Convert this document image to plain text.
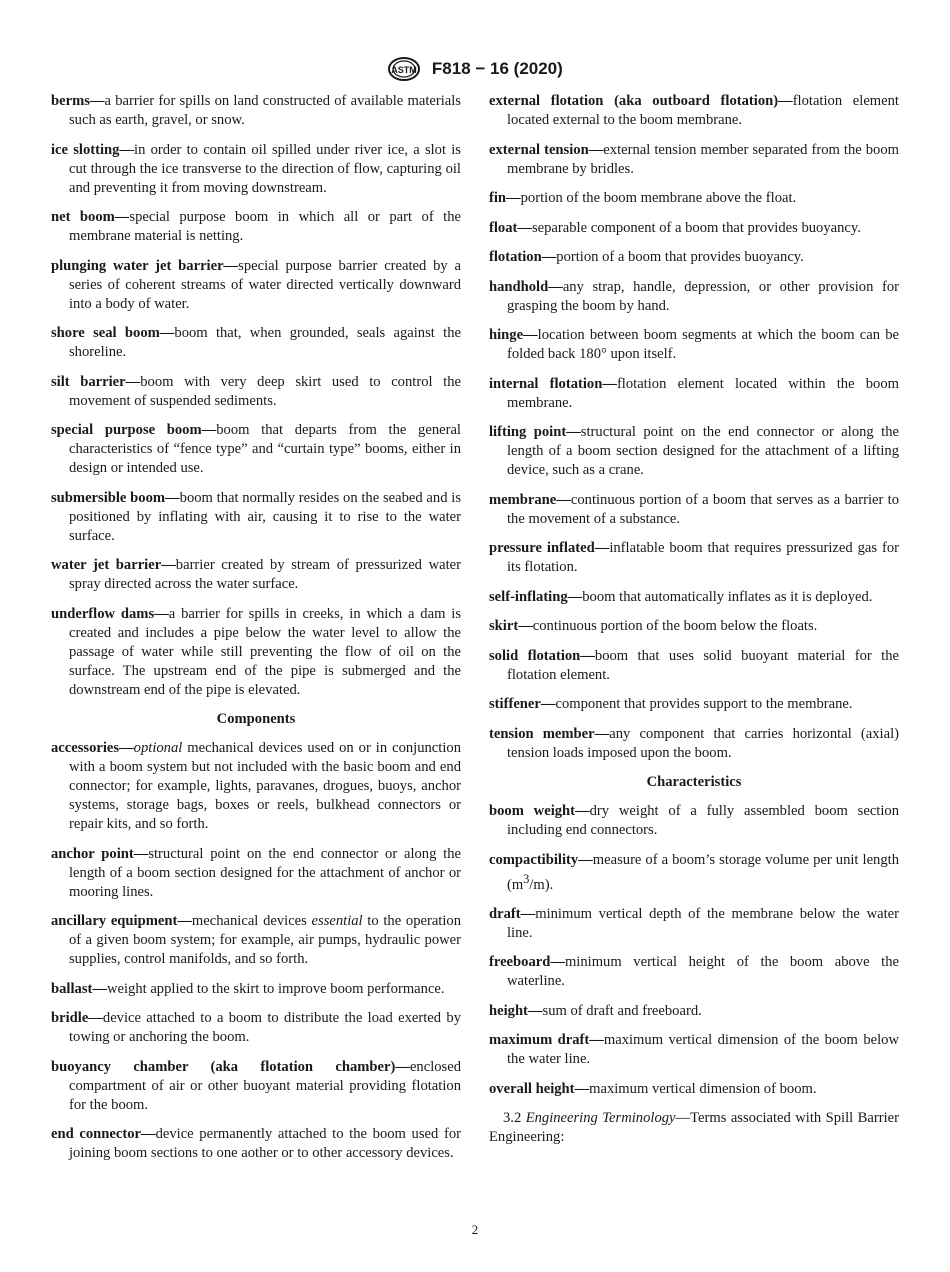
ASTM F818 − 16 (2020)

berms—a barrier for spills on land constructed of available materials such as earth, gravel, or snow.

ice slotting—in order to contain oil spilled under river ice, a slot is cut through the ice transverse to the direction of flow, capturing oil and preventing it from moving downstream.

net boom—special purpose boom in which all or part of the membrane material is netting.

plunging water jet barrier—special purpose barrier created by a series of coherent streams of water directed vertically downward into a body of water.

shore seal boom—boom that, when grounded, seals against the shoreline.

silt barrier—boom with very deep skirt used to control the movement of suspended sediments.

special purpose boom—boom that departs from the general characteristics of “fence type” and “curtain type” booms, either in design or intended use.

submersible boom—boom that normally resides on the seabed and is positioned by inflating with air, causing it to rise to the water surface.

water jet barrier—barrier created by stream of pressurized water spray directed across the water surface.

underflow dams—a barrier for spills in creeks, in which a dam is created and includes a pipe below the water level to allow the passage of water while still preventing the flow of oil on the surface. The upstream end of the pipe is submerged and the downstream end of the pipe is elevated.

Components

accessories—optional mechanical devices used on or in conjunction with a boom system but not included with the basic boom and end connector; for example, lights, paravanes, drogues, buoys, anchor systems, storage bags, boxes or reels, bulkhead connectors or repair kits, and so forth.

anchor point—structural point on the end connector or along the length of a boom section designed for the attachment of anchor or mooring lines.

ancillary equipment—mechanical devices essential to the operation of a given boom system; for example, air pumps, hydraulic power supplies, control manifolds, and so forth.

ballast—weight applied to the skirt to improve boom performance.

bridle—device attached to a boom to distribute the load exerted by towing or anchoring the boom.

buoyancy chamber (aka flotation chamber)—enclosed compartment of air or other buoyant material providing flotation for the boom.

end connector—device permanently attached to the boom used for joining boom sections to one aother or to other accessory devices.

external flotation (aka outboard flotation)—flotation element located external to the boom membrane.

external tension—external tension member separated from the boom membrane by bridles.

fin—portion of the boom membrane above the float.

float—separable component of a boom that provides buoyancy.

flotation—portion of a boom that provides buoyancy.

handhold—any strap, handle, depression, or other provision for grasping the boom by hand.

hinge—location between boom segments at which the boom can be folded back 180° upon itself.

internal flotation—flotation element located within the boom membrane.

lifting point—structural point on the end connector or along the length of a boom section designed for the attachment of a lifting device, such as a crane.

membrane—continuous portion of a boom that serves as a barrier to the movement of a substance.

pressure inflated—inflatable boom that requires pressurized gas for its flotation.

self-inflating—boom that automatically inflates as it is deployed.

skirt—continuous portion of the boom below the floats.

solid flotation—boom that uses solid buoyant material for the flotation element.

stiffener—component that provides support to the membrane.

tension member—any component that carries horizontal (axial) tension loads imposed upon the boom.

Characteristics

boom weight—dry weight of a fully assembled boom section including end connectors.

compactibility—measure of a boom’s storage volume per unit length $(m^3/m)$.

draft—minimum vertical depth of the membrane below the water line.

freeboard—minimum vertical height of the boom above the waterline.

height—sum of draft and freeboard.

maximum draft—maximum vertical dimension of the boom below the water line.

overall height—maximum vertical dimension of boom.

3.2 Engineering Terminology—Terms associated with Spill Barrier Engineering:

2
